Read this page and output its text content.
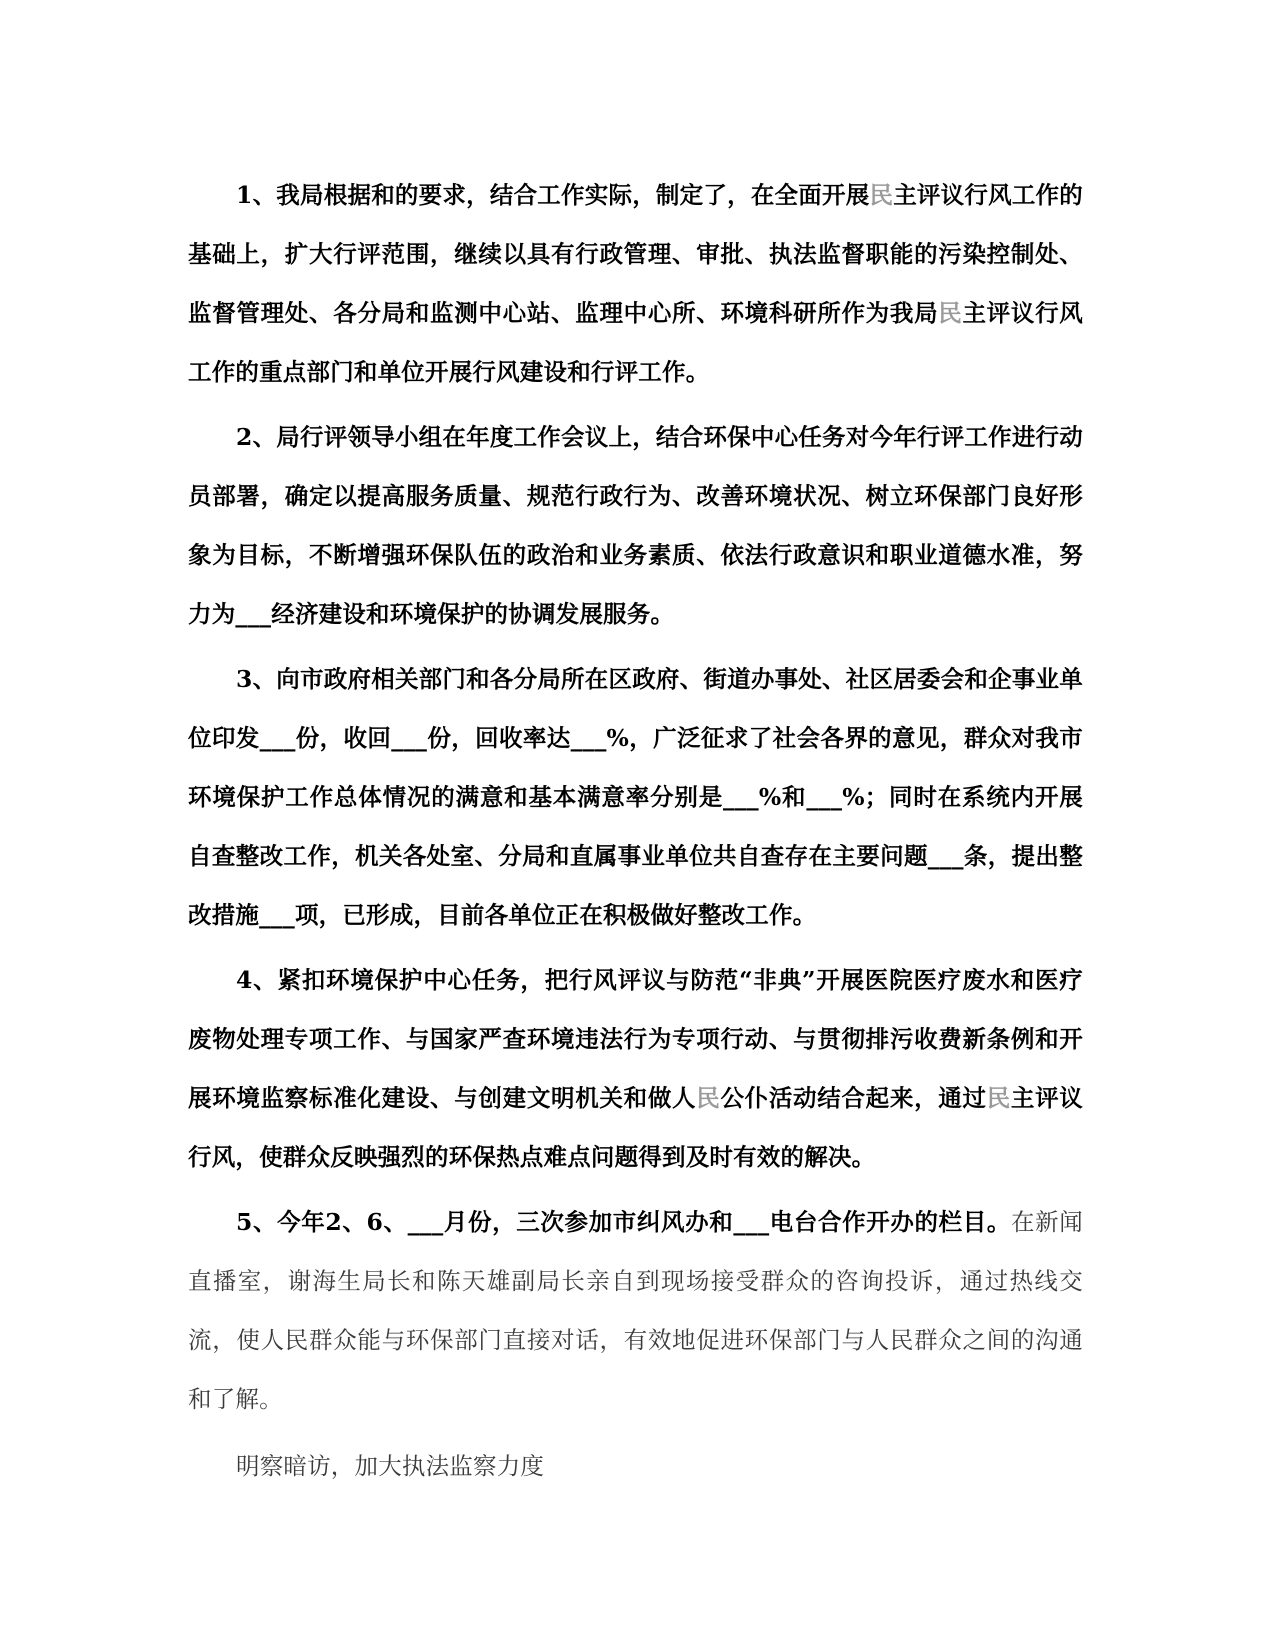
1、我局根据和的要求，结合工作实际，制定了，在全面开展民主评议行风工作的基础上，扩大行评范围，继续以具有行政管理、审批、执法监督职能的污染控制处、监督管理处、各分局和监测中心站、监理中心所、环境科研所作为我局民主评议行风工作的重点部门和单位开展行风建设和行评工作。

2、局行评领导小组在年度工作会议上，结合环保中心任务对今年行评工作进行动员部署，确定以提高服务质量、规范行政行为、改善环境状况、树立环保部门良好形象为目标，不断增强环保队伍的政治和业务素质、依法行政意识和职业道德水准，努力为___经济建设和环境保护的协调发展服务。

3、向市政府相关部门和各分局所在区政府、街道办事处、社区居委会和企事业单位印发___份，收回___份，回收率达___%，广泛征求了社会各界的意见，群众对我市环境保护工作总体情况的满意和基本满意率分别是___%和___%；同时在系统内开展自查整改工作，机关各处室、分局和直属事业单位共自查存在主要问题___条，提出整改措施___项，已形成，目前各单位正在积极做好整改工作。

4、紧扣环境保护中心任务，把行风评议与防范“非典”开展医院医疗废水和医疗废物处理专项工作、与国家严查环境违法行为专项行动、与贯彻排污收费新条例和开展环境监察标准化建设、与创建文明机关和做人民公仆活动结合起来，通过民主评议行风，使群众反映强烈的环保热点难点问题得到及时有效的解决。

5、今年2、6、___月份，三次参加市纠风办和___电台合作开办的栏目。在新闻直播室，谢海生局长和陈天雄副局长亲自到现场接受群众的咨询投诉，通过热线交流，使人民群众能与环保部门直接对话，有效地促进环保部门与人民群众之间的沟通和了解。

明察暗访，加大执法监察力度
